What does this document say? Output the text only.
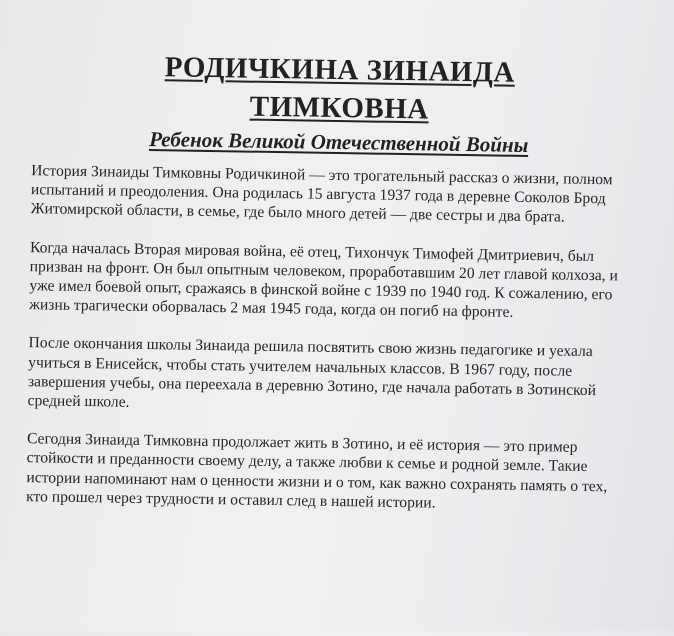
РОДИЧКИНА ЗИНАИДА
ТИМКОВНА
Ребенок Великой Отечественной Войны

История Зинаиды Тимковны Родичкиной — это трогательный рассказ о жизни, полном испытаний и преодоления. Она родилась 15 августа 1937 года в деревне Соколов Брод Житомирской области, в семье, где было много детей — две сестры и два брата.

Когда началась Вторая мировая война, её отец, Тихончук Тимофей Дмитриевич, был призван на фронт. Он был опытным человеком, проработавшим 20 лет главой колхоза, и уже имел боевой опыт, сражаясь в финской войне с 1939 по 1940 год. К сожалению, его жизнь трагически оборвалась 2 мая 1945 года, когда он погиб на фронте.

После окончания школы Зинаида решила посвятить свою жизнь педагогике и уехала учиться в Енисейск, чтобы стать учителем начальных классов. В 1967 году, после завершения учебы, она переехала в деревню Зотино, где начала работать в Зотинской средней школе.

Сегодня Зинаида Тимковна продолжает жить в Зотино, и её история — это пример стойкости и преданности своему делу, а также любви к семье и родной земле. Такие истории напоминают нам о ценности жизни и о том, как важно сохранять память о тех, кто прошел через трудности и оставил след в нашей истории.
